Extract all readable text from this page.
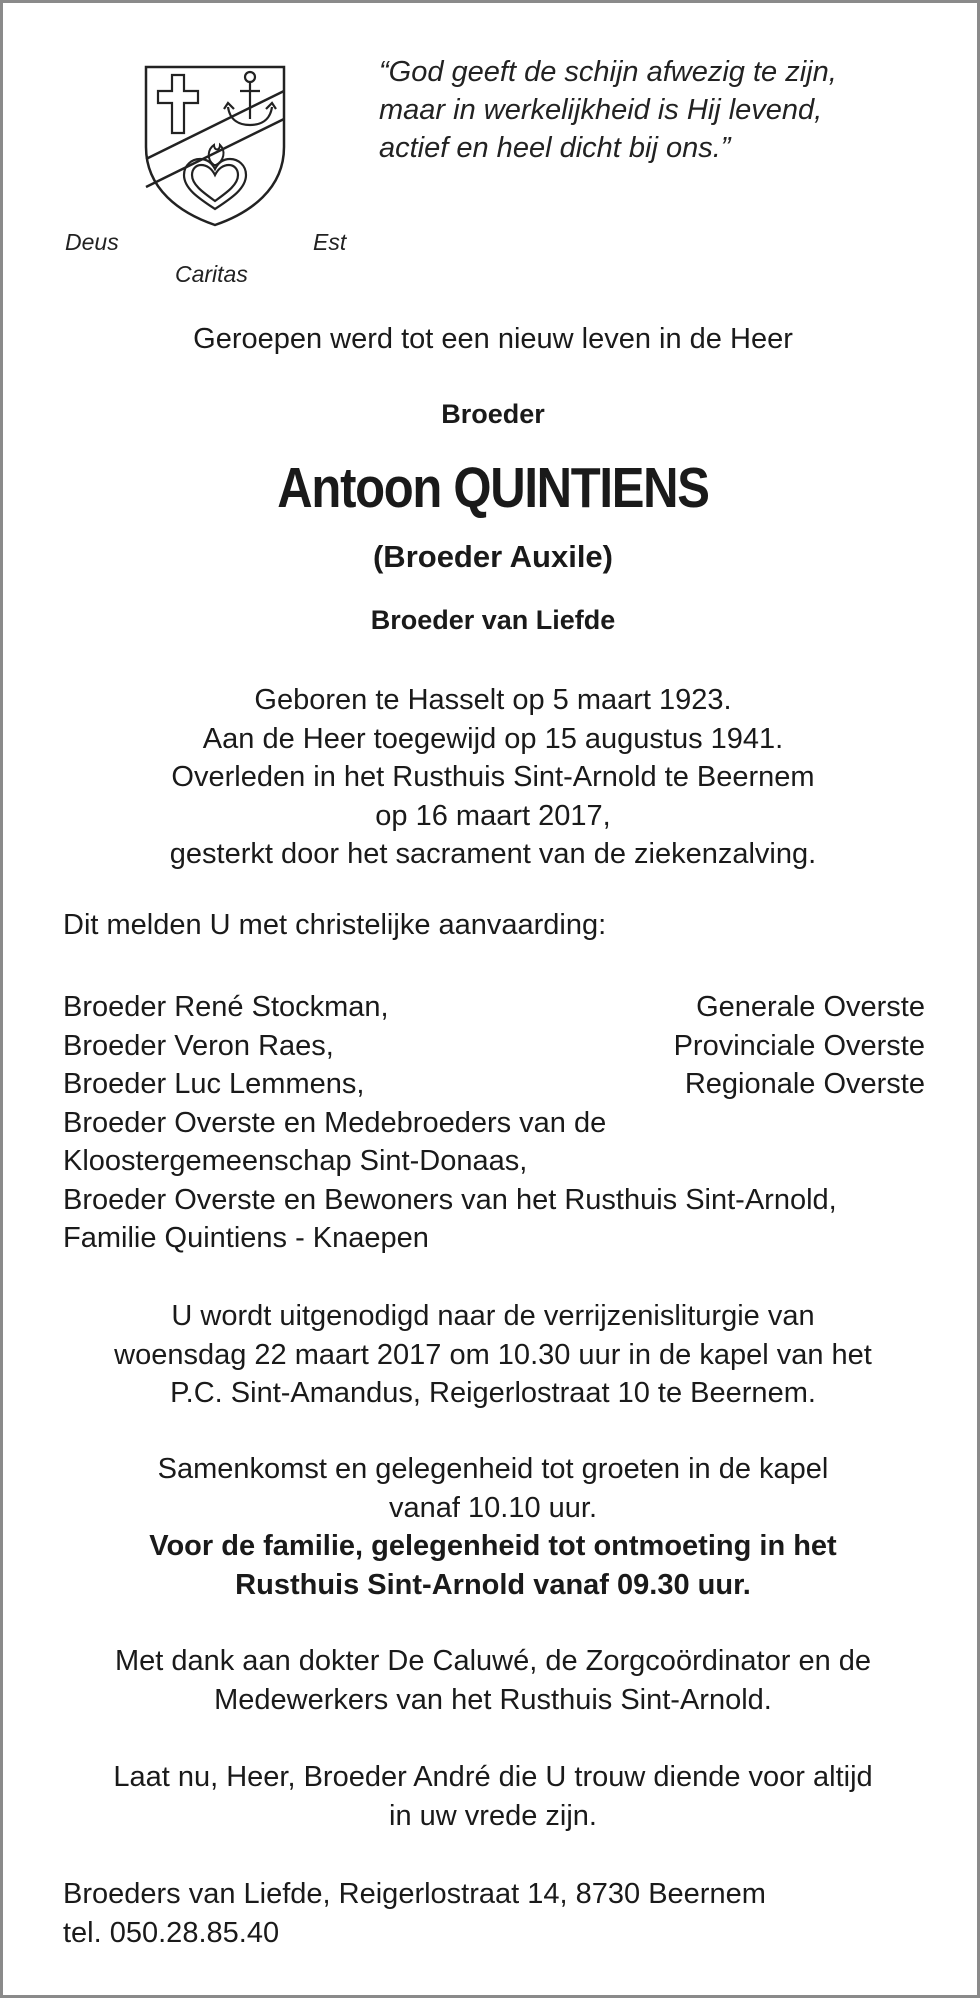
Deus	Est
Caritas
“God geeft de schijn afwezig te zijn,
maar in werkelijkheid is Hij levend,
actief en heel dicht bij ons.”
Geroepen werd tot een nieuw leven in de Heer
Broeder
Antoon QUINTIENS
(Broeder Auxile)
Broeder van Liefde
Geboren te Hasselt op 5 maart 1923.
Aan de Heer toegewijd op 15 augustus 1941.
Overleden in het Rusthuis Sint-Arnold te Beernem
op 16 maart 2017,
gesterkt door het sacrament van de ziekenzalving.
Dit melden U met christelijke aanvaarding:
Broeder René Stockman,	Generale Overste
Broeder Veron Raes,	Provinciale Overste
Broeder Luc Lemmens,	Regionale Overste
Broeder Overste en Medebroeders van de
Kloostergemeenschap Sint-Donaas,
Broeder Overste en Bewoners van het Rusthuis Sint-Arnold,
Familie Quintiens - Knaepen
U wordt uitgenodigd naar de verrijzenisliturgie van
woensdag 22 maart 2017 om 10.30 uur in de kapel van het
P.C. Sint-Amandus, Reigerlostraat 10 te Beernem.
Samenkomst en gelegenheid tot groeten in de kapel
vanaf 10.10 uur.
Voor de familie, gelegenheid tot ontmoeting in het
Rusthuis Sint-Arnold vanaf 09.30 uur.
Met dank aan dokter De Caluwé, de Zorgcoördinator en de
Medewerkers van het Rusthuis Sint-Arnold.
Laat nu, Heer, Broeder André die U trouw diende voor altijd
in uw vrede zijn.
Broeders van Liefde, Reigerlostraat 14, 8730 Beernem
tel. 050.28.85.40
